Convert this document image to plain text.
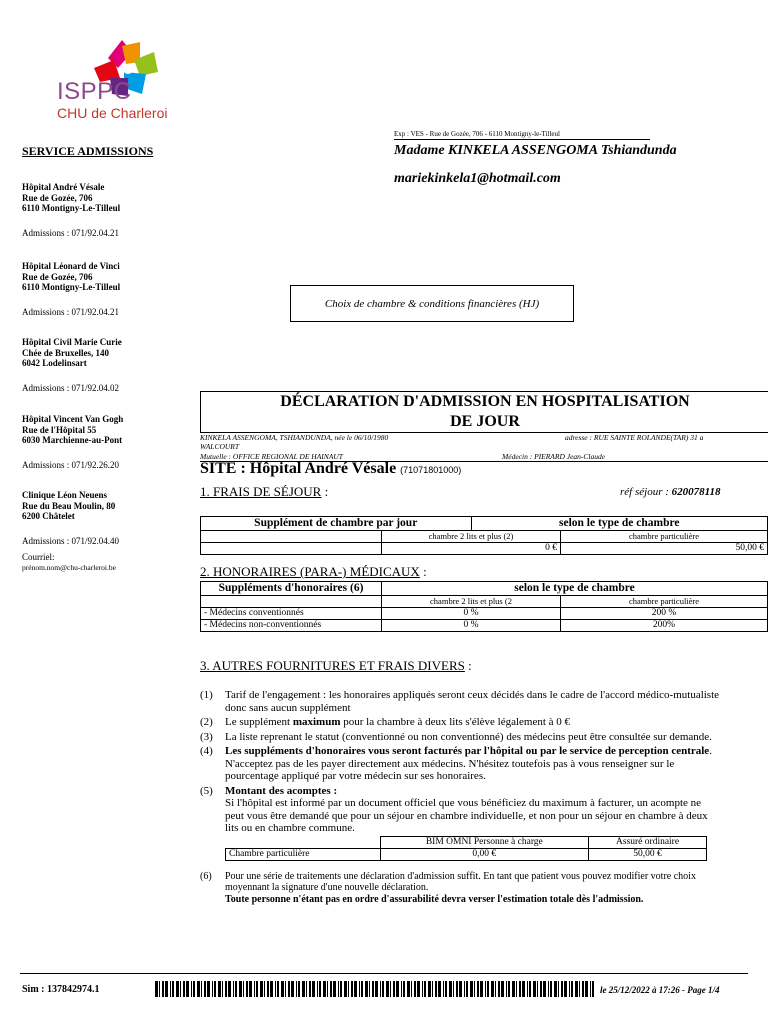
ISPPC
CHU de Charleroi
SERVICE ADMISSIONS
Hôpital André Vésale
Rue de Gozée, 706
6110 Montigny-Le-Tilleul
Admissions : 071/92.04.21
Hôpital Léonard de Vinci
Rue de Gozée, 706
6110 Montigny-Le-Tilleul
Admissions : 071/92.04.21
Hôpital Civil Marie Curie
Chée de Bruxelles, 140
6042 Lodelinsart
Admissions : 071/92.04.02
Hôpital Vincent Van Gogh
Rue de l'Hôpital 55
6030 Marchienne-au-Pont
Admissions : 071/92.26.20
Clinique Léon Neuens
Rue du Beau Moulin, 80
6200 Châtelet
Admissions : 071/92.04.40
Courriel:
prénom.nom@chu-charleroi.be
Exp : VES - Rue de Gozée, 706 - 6110 Montigny-le-Tilleul
Madame KINKELA ASSENGOMA Tshiandunda
mariekinkela1@hotmail.com
Choix de chambre & conditions financières (HJ)
DÉCLARATION D'ADMISSION EN HOSPITALISATION
DE JOUR
KINKELA ASSENGOMA, TSHIANDUNDA, née le 06/10/1980	adresse : RUE SAINTE ROLANDE(TAR) 31 a
WALCOURT
Mutuelle : OFFICE REGIONAL DE HAINAUT	Médecin : PIERARD Jean-Claude
SITE : Hôpital André Vésale (71071801000)
réf séjour : 620078118
1. FRAIS DE SÉJOUR :
Supplément de chambre par jour		selon le type de chambre	
	chambre 2 lits et plus (2)		chambre particulière
	0 €		50,00 €
2. HONORAIRES (PARA-) MÉDICAUX :
Suppléments d'honoraires (6)	selon le type de chambre	
	chambre 2 lits et plus (2	chambre particulière
- Médecins conventionnés	0 %	200 %
- Médecins non-conventionnés	0 %	200%
3. AUTRES FOURNITURES ET FRAIS DIVERS :
(1) Tarif de l'engagement : les honoraires appliqués seront ceux décidés dans le cadre de l'accord médico-mutualiste donc sans aucun supplément
(2) Le supplément maximum pour la chambre à deux lits s'élève légalement à 0 €
(3) La liste reprenant le statut (conventionné ou non conventionné) des médecins peut être consultée sur demande.
(4) Les suppléments d'honoraires vous seront facturés par l'hôpital ou par le service de perception centrale. N'acceptez pas de les payer directement aux médecins. N'hésitez toutefois pas à vous renseigner sur le pourcentage appliqué par votre médecin sur ses honoraires.
(5) Montant des acomptes :
Si l'hôpital est informé par un document officiel que vous bénéficiez du maximum à facturer, un acompte ne peut vous être demandé que pour un séjour en chambre individuelle, et non pour un séjour en chambre à deux lits ou en chambre commune.
	BIM OMNI Personne à charge	Assuré ordinaire
Chambre particulière	0,00 €	50,00 €
(6) Pour une série de traitements une déclaration d'admission suffit. En tant que patient vous pouvez modifier votre choix moyennant la signature d'une nouvelle déclaration.
Toute personne n'étant pas en ordre d'assurabilité devra verser l'estimation totale dès l'admission.
Sim : 137842974.1	le 25/12/2022 à 17:26 - Page 1/4
